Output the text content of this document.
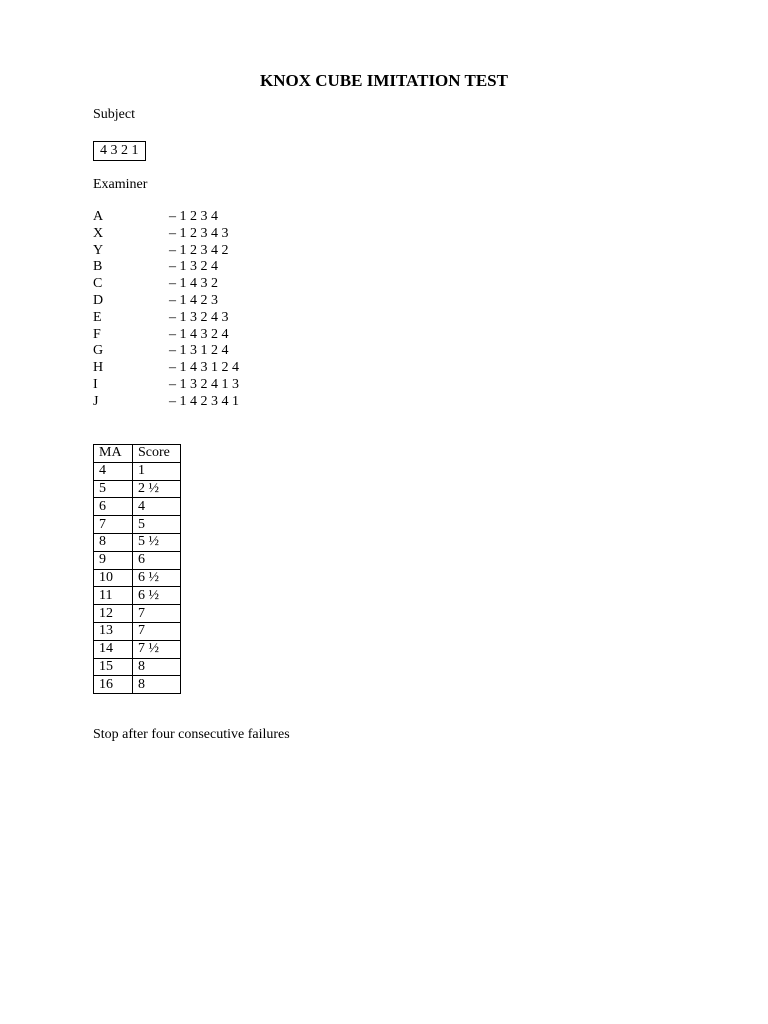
KNOX CUBE IMITATION TEST
Subject
4 3 2 1
Examiner
A	– 1 2 3 4
X	– 1 2 3 4 3
Y	– 1 2 3 4 2
B	– 1 3 2 4
C	– 1 4 3 2
D	– 1 4 2 3
E	– 1 3 2 4 3
F	– 1 4 3 2 4
G	– 1 3 1 2 4
H	– 1 4 3 1 2 4
I	– 1 3 2 4 1 3
J	– 1 4 2 3 4 1
MA	Score
4	1
5	2 ½
6	4
7	5
8	5 ½
9	6
10	6 ½
11	6 ½
12	7
13	7
14	7 ½
15	8
16	8
Stop after four consecutive failures
